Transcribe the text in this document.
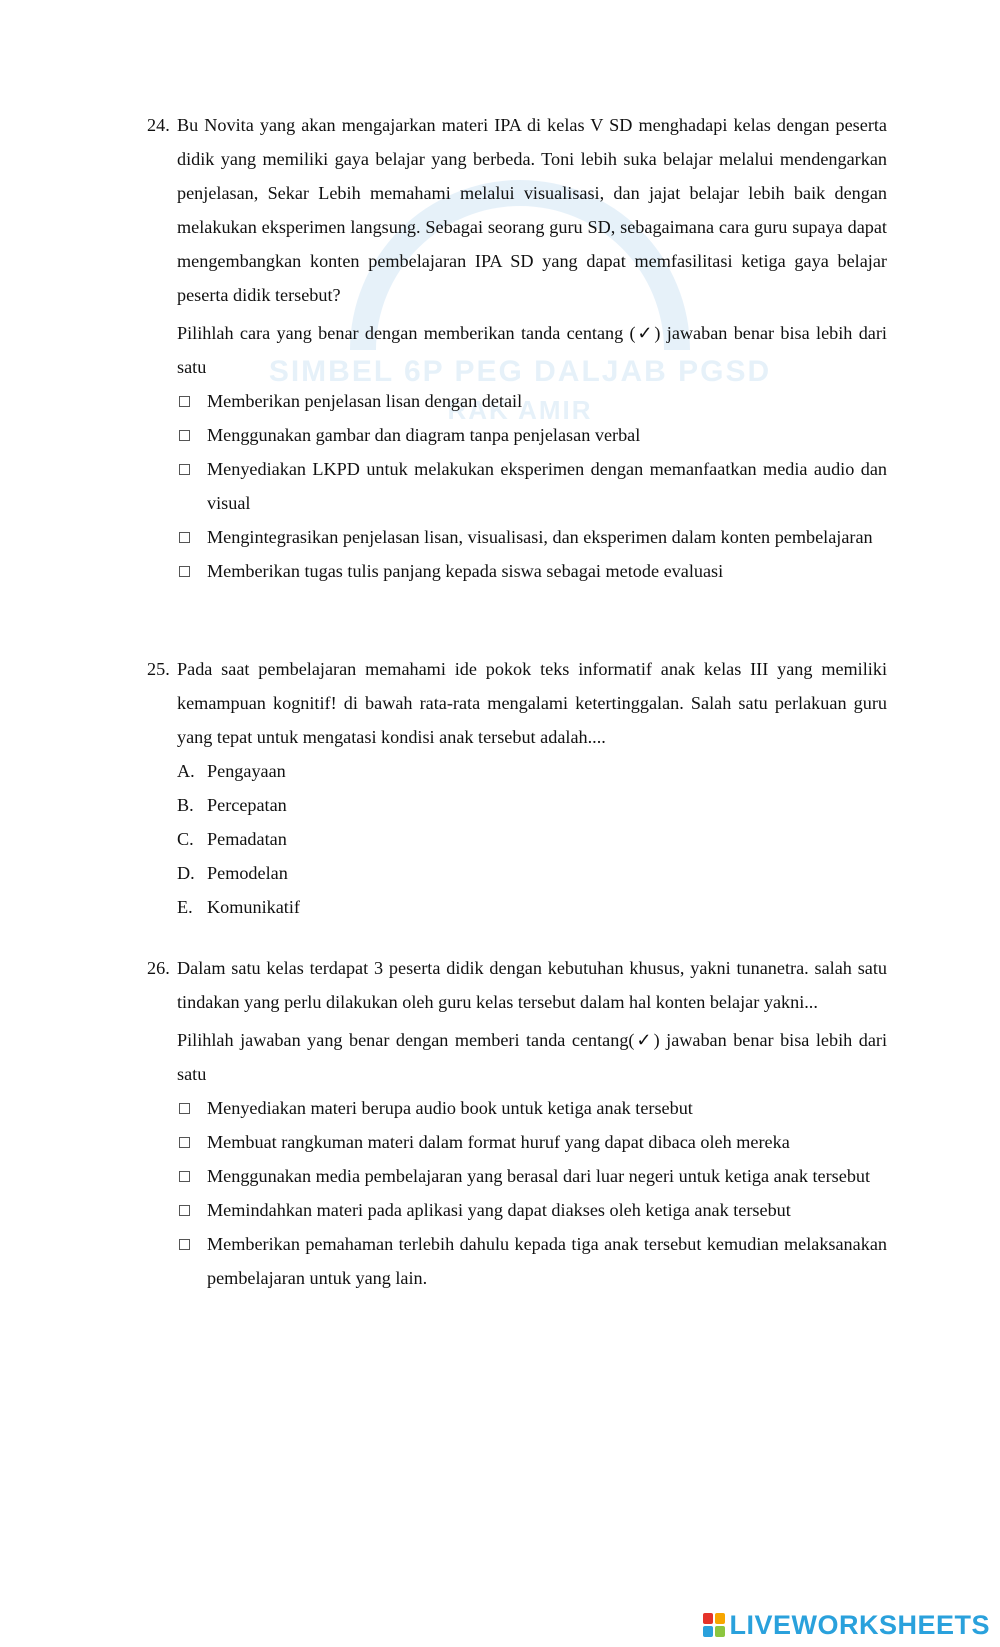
SIMBEL 6P PEG DALJAB PGSD
RAK AMIR
24. Bu Novita yang akan mengajarkan materi IPA di kelas V SD menghadapi kelas dengan peserta didik yang memiliki gaya belajar yang berbeda. Toni lebih suka belajar melalui mendengarkan penjelasan, Sekar Lebih memahami melalui visualisasi, dan jajat belajar lebih baik dengan melakukan eksperimen langsung. Sebagai seorang guru SD, sebagaimana cara guru supaya dapat mengembangkan konten pembelajaran IPA SD yang dapat memfasilitasi ketiga gaya belajar peserta didik tersebut?

Pilihlah cara yang benar dengan memberikan tanda centang (✓) jawaban benar bisa lebih dari satu

Memberikan penjelasan lisan dengan detail
Menggunakan gambar dan diagram tanpa penjelasan verbal
Menyediakan LKPD untuk melakukan eksperimen dengan memanfaatkan media audio dan visual
Mengintegrasikan penjelasan lisan, visualisasi, dan eksperimen dalam konten pembelajaran
Memberikan tugas tulis panjang kepada siswa sebagai metode evaluasi
25. Pada saat pembelajaran memahami ide pokok teks informatif anak kelas III yang memiliki kemampuan kognitif! di bawah rata-rata mengalami ketertinggalan. Salah satu perlakuan guru yang tepat untuk mengatasi kondisi anak tersebut adalah....

A. Pengayaan
B. Percepatan
C. Pemadatan
D. Pemodelan
E. Komunikatif
26. Dalam satu kelas terdapat 3 peserta didik dengan kebutuhan khusus, yakni tunanetra. salah satu tindakan yang perlu dilakukan oleh guru kelas tersebut dalam hal konten belajar yakni...

Pilihlah jawaban yang benar dengan memberi tanda centang(✓) jawaban benar bisa lebih dari satu

Menyediakan materi berupa audio book untuk ketiga anak tersebut
Membuat rangkuman materi dalam format huruf yang dapat dibaca oleh mereka
Menggunakan media pembelajaran yang berasal dari luar negeri untuk ketiga anak tersebut
Memindahkan materi pada aplikasi yang dapat diakses oleh ketiga anak tersebut
Memberikan pemahaman terlebih dahulu kepada tiga anak tersebut kemudian melaksanakan pembelajaran untuk yang lain.
LIVEWORKSHEETS
